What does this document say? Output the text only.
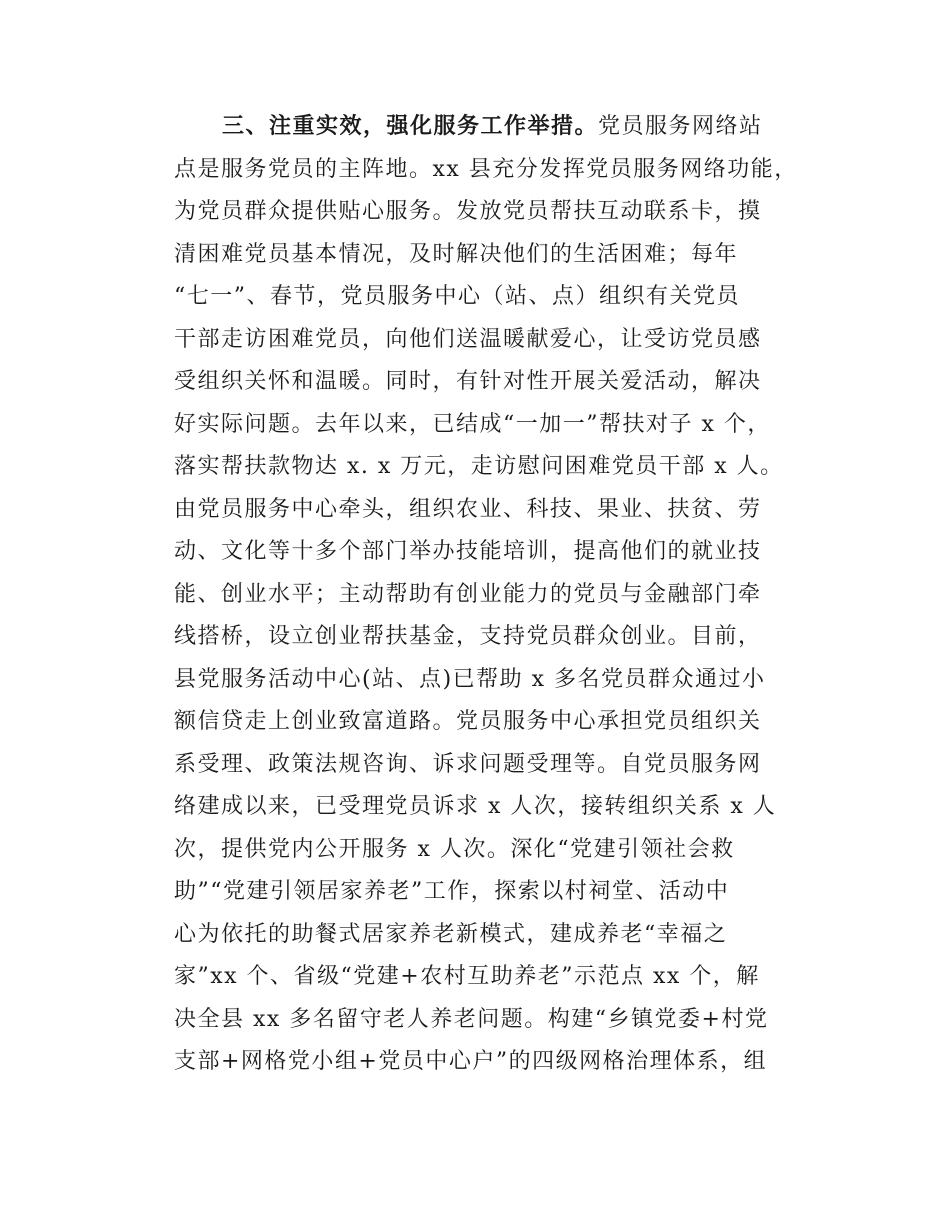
三、注重实效，强化服务工作举措。党员服务网络站
点是服务党员的主阵地。xx 县充分发挥党员服务网络功能，
为党员群众提供贴心服务。发放党员帮扶互动联系卡，摸
清困难党员基本情况，及时解决他们的生活困难；每年
“七一”、春节，党员服务中心（站、点）组织有关党员
干部走访困难党员，向他们送温暖献爱心，让受访党员感
受组织关怀和温暖。同时，有针对性开展关爱活动，解决
好实际问题。去年以来，已结成“一加一”帮扶对子 x 个，
落实帮扶款物达 x. x 万元，走访慰问困难党员干部 x 人。
由党员服务中心牵头，组织农业、科技、果业、扶贫、劳
动、文化等十多个部门举办技能培训，提高他们的就业技
能、创业水平；主动帮助有创业能力的党员与金融部门牵
线搭桥，设立创业帮扶基金，支持党员群众创业。目前，
县党服务活动中心(站、点)已帮助 x 多名党员群众通过小
额信贷走上创业致富道路。党员服务中心承担党员组织关
系受理、政策法规咨询、诉求问题受理等。自党员服务网
络建成以来，已受理党员诉求 x 人次，接转组织关系 x 人
次，提供党内公开服务 x 人次。深化“党建引领社会救
助”“党建引领居家养老”工作，探索以村祠堂、活动中
心为依托的助餐式居家养老新模式，建成养老“幸福之
家”xx 个、省级“党建+农村互助养老”示范点 xx 个，解
决全县 xx 多名留守老人养老问题。构建“乡镇党委+村党
支部+网格党小组+党员中心户”的四级网格治理体系，组
